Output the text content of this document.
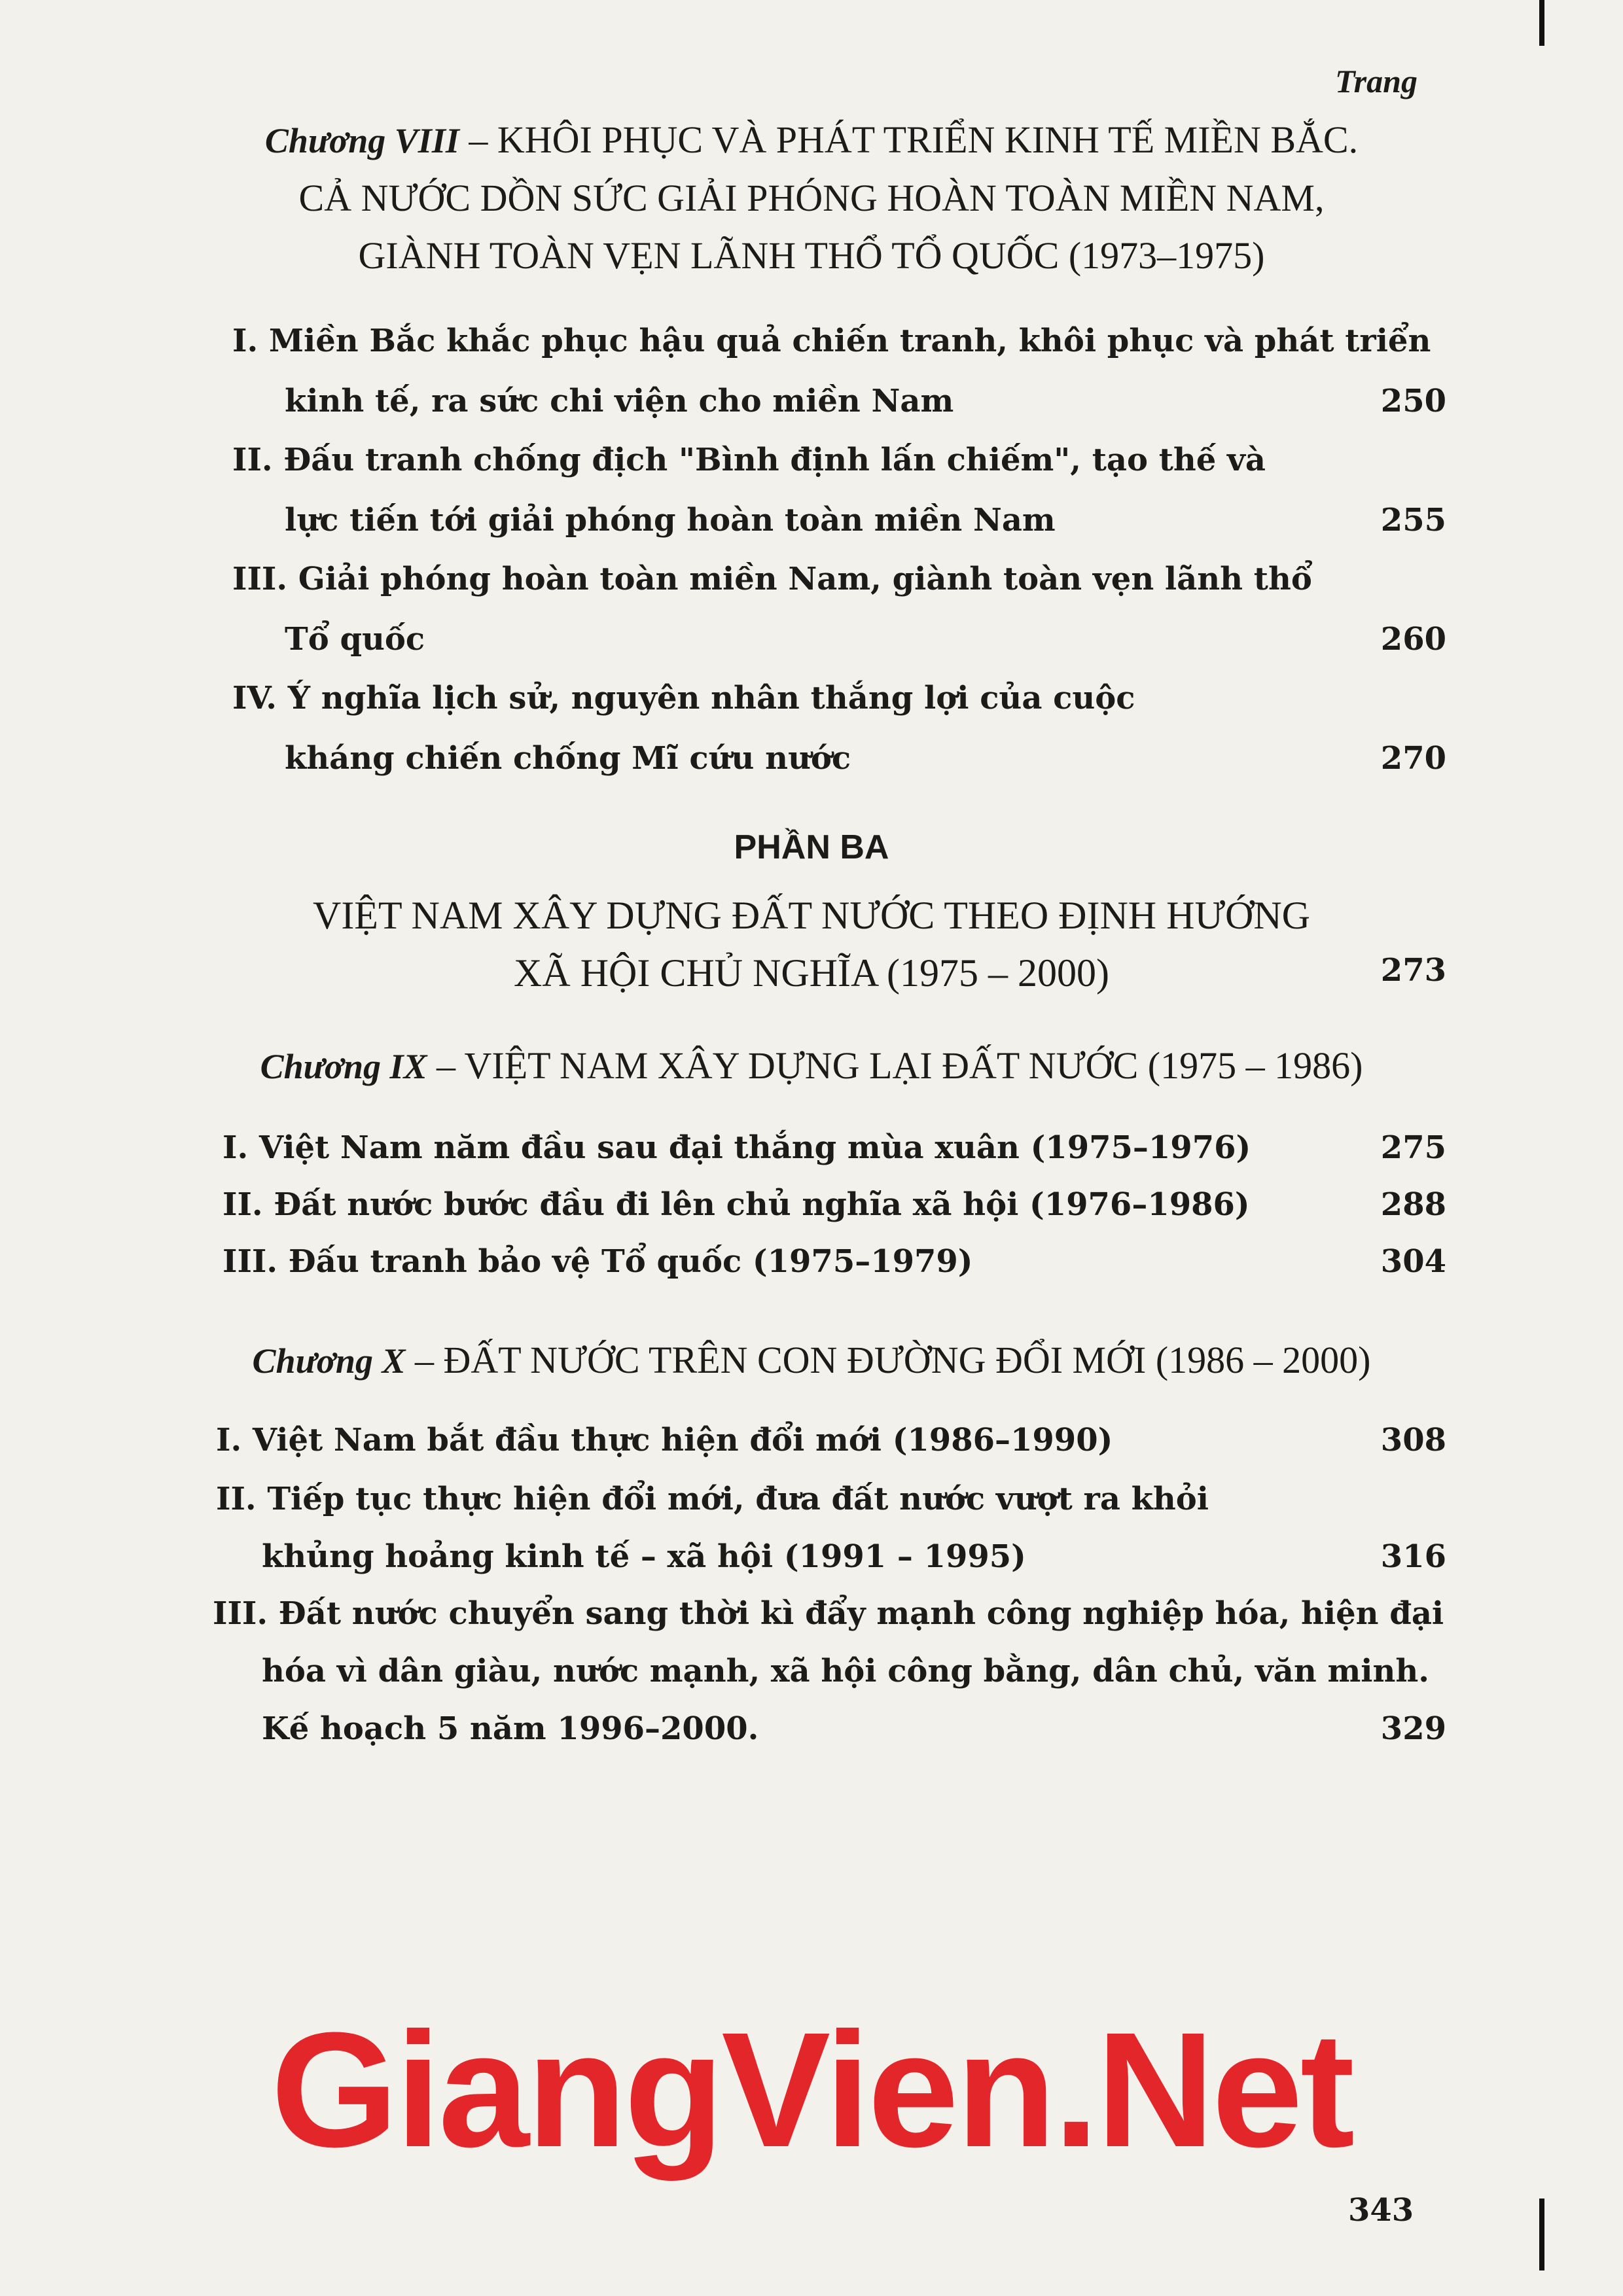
Trang
Chương VIII – KHÔI PHỤC VÀ PHÁT TRIỂN KINH TẾ MIỀN BẮC.
CẢ NƯỚC DỒN SỨC GIẢI PHÓNG HOÀN TOÀN MIỀN NAM,
GIÀNH TOÀN VẸN LÃNH THỔ TỔ QUỐC (1973–1975)
I. Miền Bắc khắc phục hậu quả chiến tranh, khôi phục và phát triển
kinh tế, ra sức chi viện cho miền Nam	250
II. Đấu tranh chống địch "Bình định lấn chiếm", tạo thế và
lực tiến tới giải phóng hoàn toàn miền Nam	255
III. Giải phóng hoàn toàn miền Nam, giành toàn vẹn lãnh thổ
Tổ quốc	260
IV. Ý nghĩa lịch sử, nguyên nhân thắng lợi của cuộc
kháng chiến chống Mĩ cứu nước	270
PHẦN BA
VIỆT NAM XÂY DỰNG ĐẤT NƯỚC THEO ĐỊNH HƯỚNG
XÃ HỘI CHỦ NGHĨA (1975 – 2000)	273
Chương IX – VIỆT NAM XÂY DỰNG LẠI ĐẤT NƯỚC (1975 – 1986)
I. Việt Nam năm đầu sau đại thắng mùa xuân (1975–1976)	275
II. Đất nước bước đầu đi lên chủ nghĩa xã hội (1976–1986)	288
III. Đấu tranh bảo vệ Tổ quốc (1975–1979)	304
Chương X – ĐẤT NƯỚC TRÊN CON ĐƯỜNG ĐỔI MỚI (1986 – 2000)
I. Việt Nam bắt đầu thực hiện đổi mới (1986–1990)	308
II. Tiếp tục thực hiện đổi mới, đưa đất nước vượt ra khỏi
khủng hoảng kinh tế – xã hội (1991 – 1995)	316
III. Đất nước chuyển sang thời kì đẩy mạnh công nghiệp hóa, hiện đại
hóa vì dân giàu, nước mạnh, xã hội công bằng, dân chủ, văn minh.
Kế hoạch 5 năm 1996–2000.	329
GiangVien.Net
343
